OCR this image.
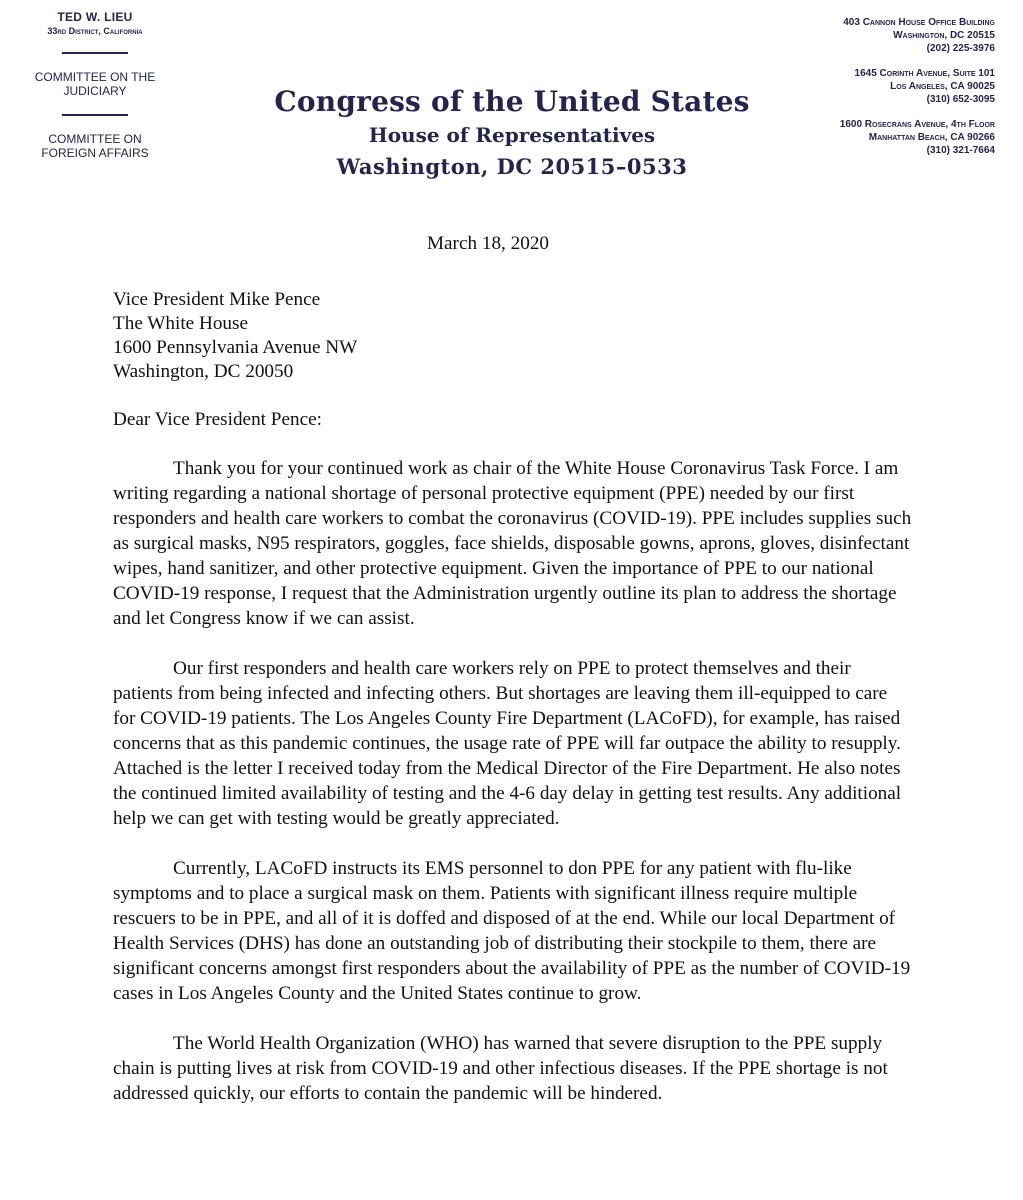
TED W. LIEU
33rd District, California
COMMITTEE ON THE JUDICIARY
COMMITTEE ON FOREIGN AFFAIRS
Congress of the United States
House of Representatives
Washington, DC 20515–0533
403 Cannon House Office Building
Washington, DC 20515
(202) 225-3976
1645 Corinth Avenue, Suite 101
Los Angeles, CA 90025
(310) 652-3095
1600 Rosecrans Avenue, 4th Floor
Manhattan Beach, CA 90266
(310) 321-7664
March 18, 2020
Vice President Mike Pence
The White House
1600 Pennsylvania Avenue NW
Washington, DC 20050
Dear Vice President Pence:
Thank you for your continued work as chair of the White House Coronavirus Task Force. I am writing regarding a national shortage of personal protective equipment (PPE) needed by our first responders and health care workers to combat the coronavirus (COVID-19). PPE includes supplies such as surgical masks, N95 respirators, goggles, face shields, disposable gowns, aprons, gloves, disinfectant wipes, hand sanitizer, and other protective equipment. Given the importance of PPE to our national COVID-19 response, I request that the Administration urgently outline its plan to address the shortage and let Congress know if we can assist.
Our first responders and health care workers rely on PPE to protect themselves and their patients from being infected and infecting others. But shortages are leaving them ill-equipped to care for COVID-19 patients. The Los Angeles County Fire Department (LACoFD), for example, has raised concerns that as this pandemic continues, the usage rate of PPE will far outpace the ability to resupply. Attached is the letter I received today from the Medical Director of the Fire Department. He also notes the continued limited availability of testing and the 4-6 day delay in getting test results. Any additional help we can get with testing would be greatly appreciated.
Currently, LACoFD instructs its EMS personnel to don PPE for any patient with flu-like symptoms and to place a surgical mask on them. Patients with significant illness require multiple rescuers to be in PPE, and all of it is doffed and disposed of at the end. While our local Department of Health Services (DHS) has done an outstanding job of distributing their stockpile to them, there are significant concerns amongst first responders about the availability of PPE as the number of COVID-19 cases in Los Angeles County and the United States continue to grow.
The World Health Organization (WHO) has warned that severe disruption to the PPE supply chain is putting lives at risk from COVID-19 and other infectious diseases. If the PPE shortage is not addressed quickly, our efforts to contain the pandemic will be hindered.
